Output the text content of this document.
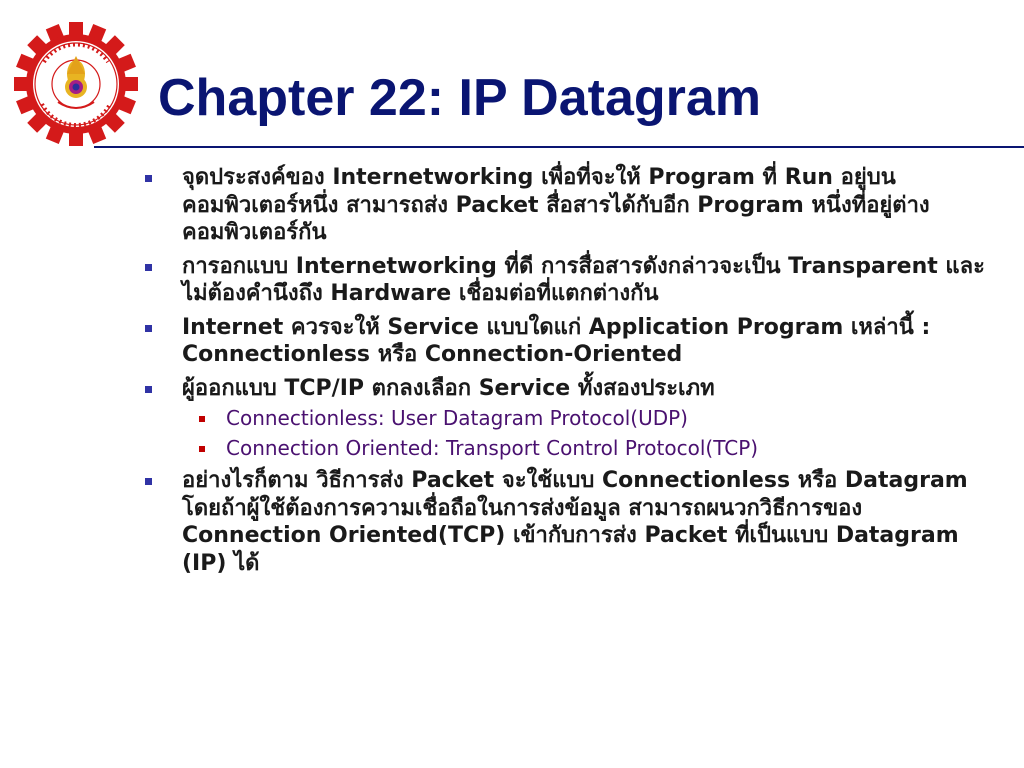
Chapter 22: IP Datagram
จุดประสงค์ของ Internetworking เพื่อที่จะให้ Program ที่ Run อยู่บนคอมพิวเตอร์หนึ่ง สามารถส่ง Packet สื่อสารได้กับอีก Program หนึ่งที่อยู่ต่างคอมพิวเตอร์กัน
การอกแบบ Internetworking ที่ดี การสื่อสารดังกล่าวจะเป็น Transparent และไม่ต้องคำนึงถึง Hardware เชื่อมต่อที่แตกต่างกัน
Internet ควรจะให้ Service แบบใดแก่ Application Program เหล่านี้ : Connectionless หรือ Connection-Oriented
ผู้ออกแบบ TCP/IP ตกลงเลือก Service ทั้งสองประเภท
Connectionless: User Datagram Protocol(UDP)
Connection Oriented: Transport Control Protocol(TCP)
อย่างไรก็ตาม วิธีการส่ง Packet จะใช้แบบ Connectionless หรือ Datagram โดยถ้าผู้ใช้ต้องการความเชื่อถือในการส่งข้อมูล สามารถผนวกวิธีการของ Connection Oriented(TCP) เข้ากับการส่ง Packet ที่เป็นแบบ Datagram (IP) ได้
